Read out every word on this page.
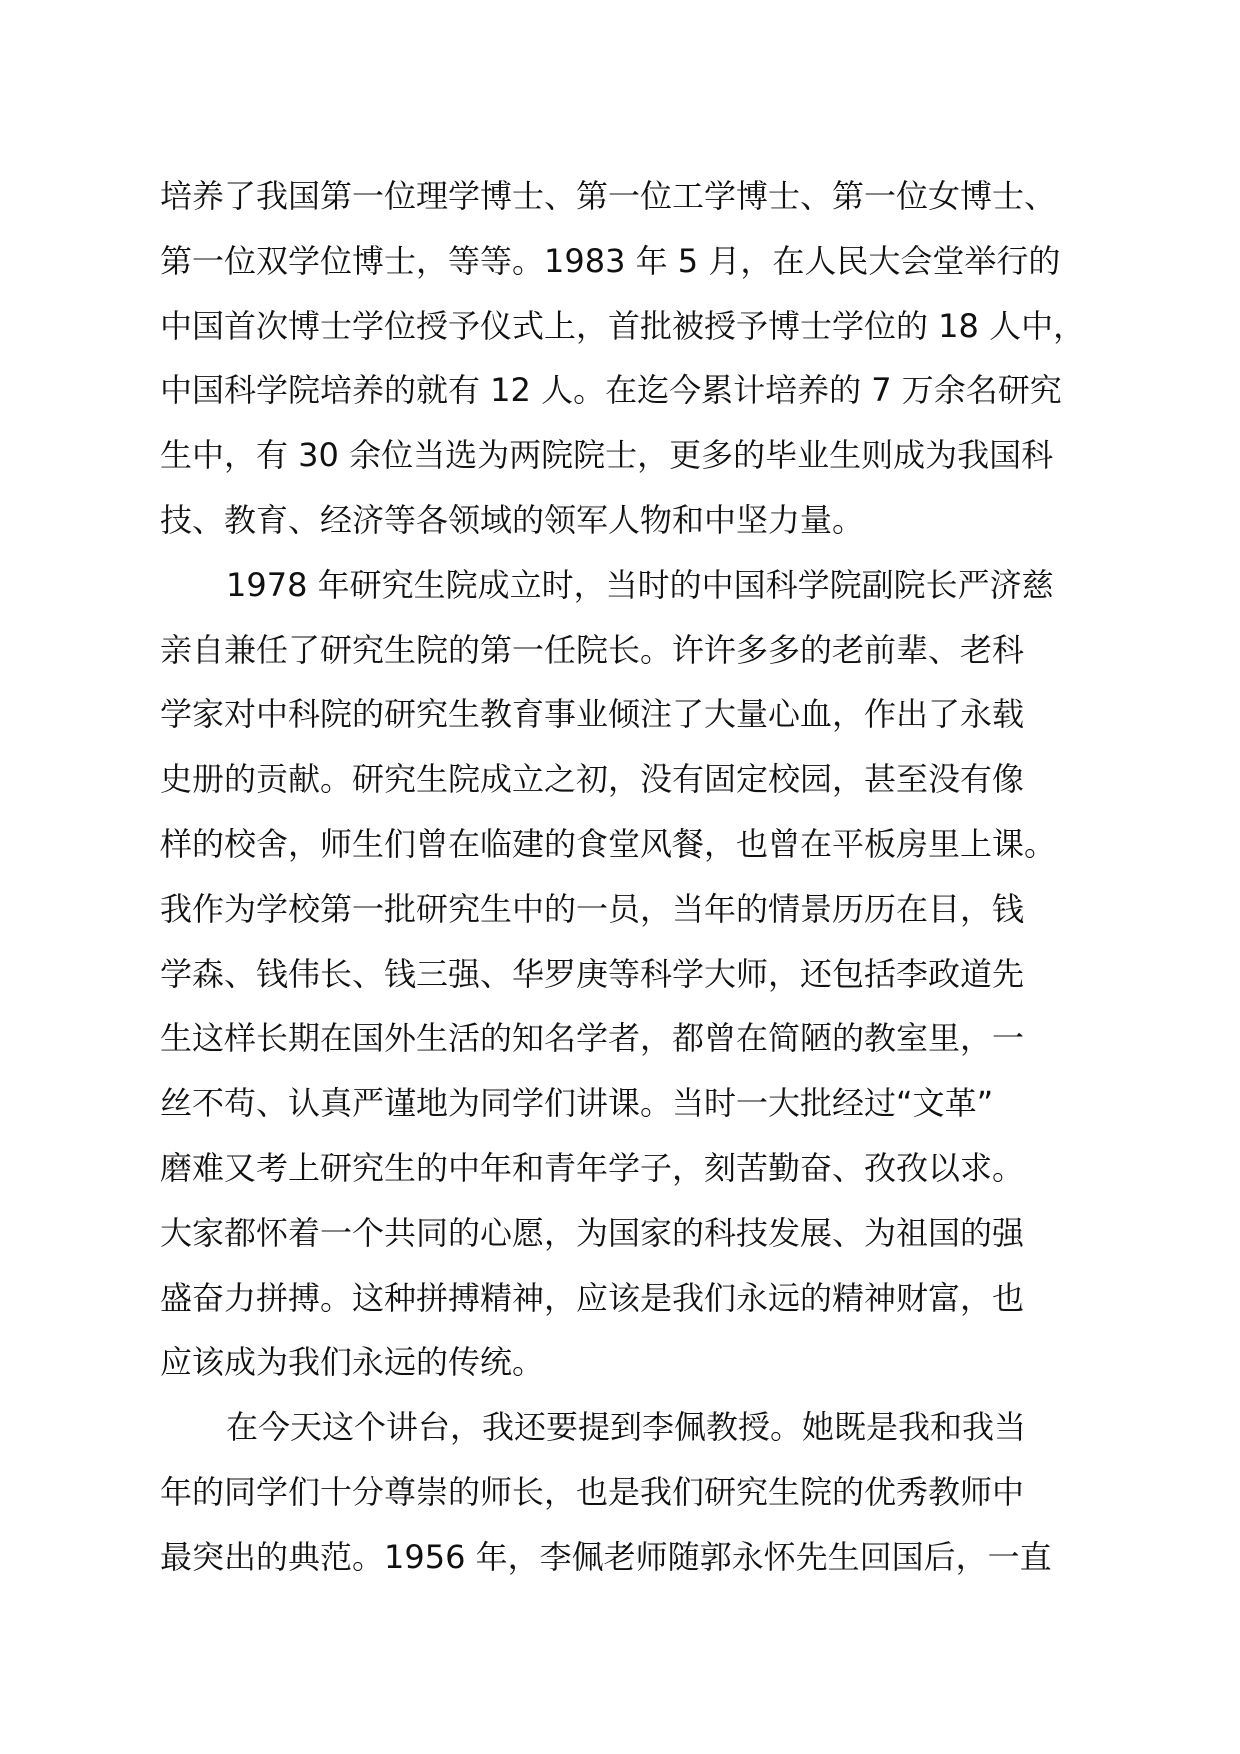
培养了我国第一位理学博士、第一位工学博士、第一位女博士、
第一位双学位博士，等等。1983 年 5 月，在人民大会堂举行的
中国首次博士学位授予仪式上，首批被授予博士学位的 18 人中，
中国科学院培养的就有 12 人。在迄今累计培养的 7 万余名研究
生中，有 30 余位当选为两院院士，更多的毕业生则成为我国科
技、教育、经济等各领域的领军人物和中坚力量。
1978 年研究生院成立时，当时的中国科学院副院长严济慈
亲自兼任了研究生院的第一任院长。许许多多的老前辈、老科
学家对中科院的研究生教育事业倾注了大量心血，作出了永载
史册的贡献。研究生院成立之初，没有固定校园，甚至没有像
样的校舍，师生们曾在临建的食堂风餐，也曾在平板房里上课。
我作为学校第一批研究生中的一员，当年的情景历历在目，钱
学森、钱伟长、钱三强、华罗庚等科学大师，还包括李政道先
生这样长期在国外生活的知名学者，都曾在简陋的教室里，一
丝不苟、认真严谨地为同学们讲课。当时一大批经过“文革”
磨难又考上研究生的中年和青年学子，刻苦勤奋、孜孜以求。
大家都怀着一个共同的心愿，为国家的科技发展、为祖国的强
盛奋力拼搏。这种拼搏精神，应该是我们永远的精神财富，也
应该成为我们永远的传统。
在今天这个讲台，我还要提到李佩教授。她既是我和我当
年的同学们十分尊崇的师长，也是我们研究生院的优秀教师中
最突出的典范。1956 年，李佩老师随郭永怀先生回国后，一直
